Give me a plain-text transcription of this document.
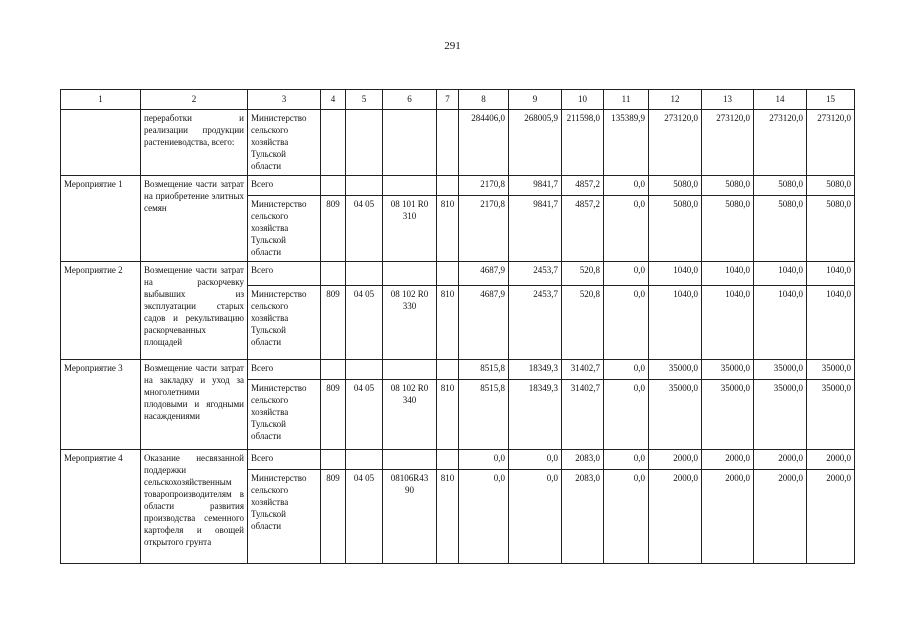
291
1	2	3	4	5	6	7	8	9	10	11	12	13	14	15
	переработки и реализации продукции растениеводства, всего:	Министерство сельского хозяйства Тульской области					284406,0	268005,9	211598,0	135389,9	273120,0	273120,0	273120,0	273120,0
Мероприятие 1	Возмещение части затрат на приобретение элитных семян	Всего					2170,8	9841,7	4857,2	0,0	5080,0	5080,0	5080,0	5080,0
		Министерство сельского хозяйства Тульской области	809	04 05	08 101 R0 310	810	2170,8	9841,7	4857,2	0,0	5080,0	5080,0	5080,0	5080,0
Мероприятие 2	Возмещение части затрат на раскорчевку выбывших из эксплуатации старых садов и рекультивацию раскорчеванных площадей	Всего					4687,9	2453,7	520,8	0,0	1040,0	1040,0	1040,0	1040,0
		Министерство сельского хозяйства Тульской области	809	04 05	08 102 R0 330	810	4687,9	2453,7	520,8	0,0	1040,0	1040,0	1040,0	1040,0
Мероприятие 3	Возмещение части затрат на закладку и уход за многолетними плодовыми и ягодными насаждениями	Всего					8515,8	18349,3	31402,7	0,0	35000,0	35000,0	35000,0	35000,0
		Министерство сельского хозяйства Тульской области	809	04 05	08 102 R0 340	810	8515,8	18349,3	31402,7	0,0	35000,0	35000,0	35000,0	35000,0
Мероприятие 4	Оказание несвязанной поддержки сельскохозяйственным товаропроизводителям в области развития производства семенного картофеля и овощей открытого грунта	Всего					0,0	0,0	2083,0	0,0	2000,0	2000,0	2000,0	2000,0
		Министерство сельского хозяйства Тульской области	809	04 05	08106R43 90	810	0,0	0,0	2083,0	0,0	2000,0	2000,0	2000,0	2000,0
